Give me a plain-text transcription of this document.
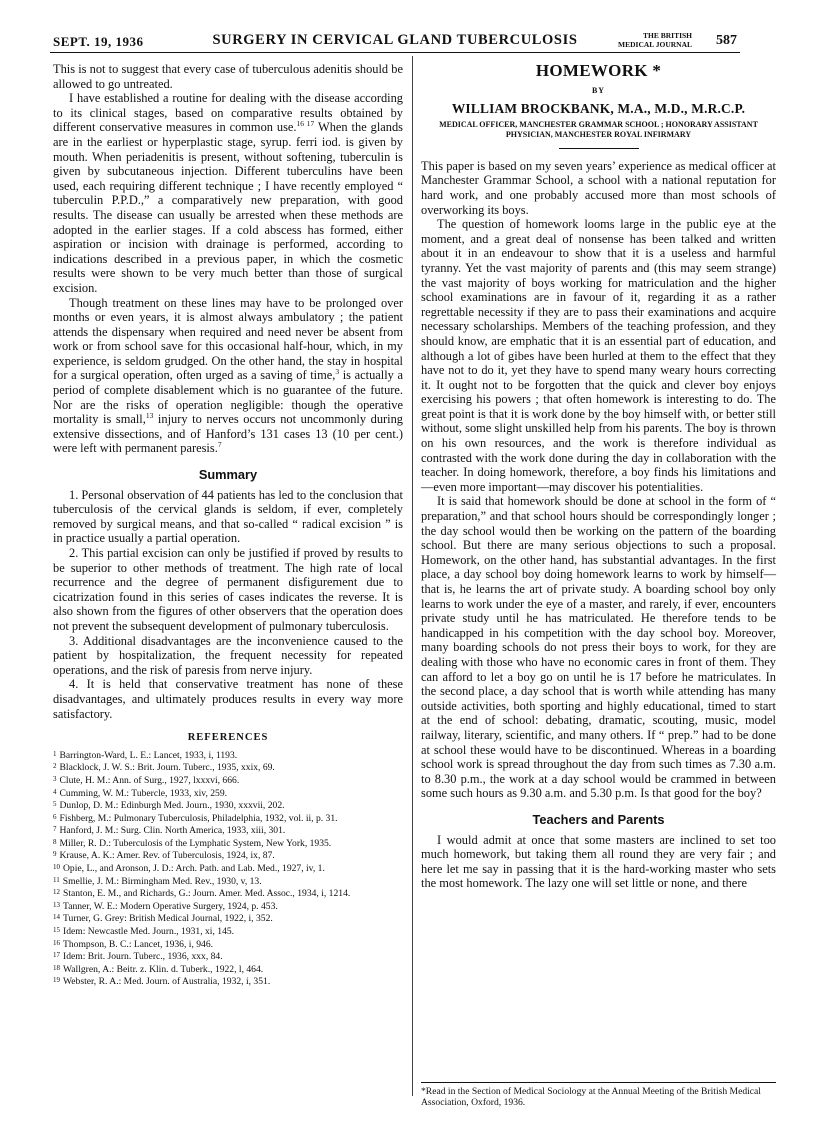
SEPT. 19, 1936	SURGERY IN CERVICAL GLAND TUBERCULOSIS	THE BRITISH
MEDICAL JOURNAL 587

This is not to suggest that every case of tuberculous adenitis should be allowed to go untreated.

I have established a routine for dealing with the disease according to its clinical stages, based on comparative results obtained by different conservative measures in common use.$^{16 17}$ When the glands are in the earliest or hyperplastic stage, syrup. ferri iod. is given by mouth. When periadenitis is present, without softening, tuberculin is given by subcutaneous injection. Different tuberculins have been used, each requiring different technique ; I have recently employed “ tuberculin P.P.D.,” a comparatively new preparation, with good results. The disease can usually be arrested when these methods are adopted in the earlier stages. If a cold abscess has formed, either aspiration or incision with drainage is performed, according to indications described in a previous paper, in which the cosmetic results were shown to be very much better than those of surgical excision.

Though treatment on these lines may have to be prolonged over months or even years, it is almost always ambulatory ; the patient attends the dispensary when required and need never be absent from work or from school save for this occasional half-hour, which, in my experience, is seldom grudged. On the other hand, the stay in hospital for a surgical operation, often urged as a saving of time,$^3$ is actually a period of complete disablement which is no guarantee of the future. Nor are the risks of operation negligible: though the operative mortality is small,$^{13}$ injury to nerves occurs not uncommonly during extensive dissections, and of Hanford’s 131 cases 13 (10 per cent.) were left with permanent paresis.$^7$

Summary

1. Personal observation of 44 patients has led to the conclusion that tuberculosis of the cervical glands is seldom, if ever, completely removed by surgical means, and that so-called “ radical excision ” is in practice usually a partial operation.

2. This partial excision can only be justified if proved by results to be superior to other methods of treatment. The high rate of local recurrence and the degree of permanent disfigurement due to cicatrization found in this series of cases indicates the reverse. It is also shown from the figures of other observers that the operation does not prevent the subsequent development of pulmonary tuberculosis.

3. Additional disadvantages are the inconvenience caused to the patient by hospitalization, the frequent necessity for repeated operations, and the risk of paresis from nerve injury.

4. It is held that conservative treatment has none of these disadvantages, and ultimately produces results in every way more satisfactory.

REFERENCES
$^1$ Barrington-Ward, L. E.: Lancet, 1933, i, 1193.
$^2$ Blacklock, J. W. S.: Brit. Journ. Tuberc., 1935, xxix, 69.
$^3$ Clute, H. M.: Ann. of Surg., 1927, lxxxvi, 666.
$^4$ Cumming, W. M.: Tubercle, 1933, xiv, 259.
$^5$ Dunlop, D. M.: Edinburgh Med. Journ., 1930, xxxvii, 202.
$^6$ Fishberg, M.: Pulmonary Tuberculosis, Philadelphia, 1932, vol. ii, p. 31.
$^7$ Hanford, J. M.: Surg. Clin. North America, 1933, xiii, 301.
$^8$ Miller, R. D.: Tuberculosis of the Lymphatic System, New York, 1935.
$^9$ Krause, A. K.: Amer. Rev. of Tuberculosis, 1924, ix, 87.
$^{10}$ Opie, L., and Aronson, J. D.: Arch. Path. and Lab. Med., 1927, iv, 1.
$^{11}$ Smellie, J. M.: Birmingham Med. Rev., 1930, v, 13.
$^{12}$ Stanton, E. M., and Richards, G.: Journ. Amer. Med. Assoc., 1934, i, 1214.
$^{13}$ Tanner, W. E.: Modern Operative Surgery, 1924, p. 453.
$^{14}$ Turner, G. Grey: British Medical Journal, 1922, i, 352.
$^{15}$ Idem: Newcastle Med. Journ., 1931, xi, 145.
$^{16}$ Thompson, B. C.: Lancet, 1936, i, 946.
$^{17}$ Idem: Brit. Journ. Tuberc., 1936, xxx, 84.
$^{18}$ Wallgren, A.: Beitr. z. Klin. d. Tuberk., 1922, l, 464.
$^{19}$ Webster, R. A.: Med. Journ. of Australia, 1932, i, 351.
HOMEWORK *
BY
WILLIAM BROCKBANK, M.A., M.D., M.R.C.P.
MEDICAL OFFICER, MANCHESTER GRAMMAR SCHOOL ; HONORARY ASSISTANT PHYSICIAN, MANCHESTER ROYAL INFIRMARY

This paper is based on my seven years’ experience as medical officer at Manchester Grammar School, a school with a national reputation for hard work, and one probably accused more than most schools of overworking its boys.

The question of homework looms large in the public eye at the moment, and a great deal of nonsense has been talked and written about it in an endeavour to show that it is a useless and harmful tyranny. Yet the vast majority of parents and (this may seem strange) the vast majority of boys working for matriculation and the higher school examinations are in favour of it, regarding it as a rather regrettable necessity if they are to pass their examinations and acquire necessary scholarships. Members of the teaching profession, and they should know, are emphatic that it is an essential part of education, and although a lot of gibes have been hurled at them to the effect that they have not to do it, yet they have to spend many weary hours correcting it. It ought not to be forgotten that the quick and clever boy enjoys exercising his powers ; that often homework is interesting to do. The great point is that it is work done by the boy himself with, or better still without, some slight unskilled help from his parents. The boy is thrown on his own resources, and the work is therefore individual as contrasted with the work done during the day in collaboration with the teacher. In doing homework, therefore, a boy finds his limitations and—even more important—may discover his potentialities.

It is said that homework should be done at school in the form of “ preparation,” and that school hours should be correspondingly longer ; the day school would then be working on the pattern of the boarding school. But there are many serious objections to such a proposal. Homework, on the other hand, has substantial advantages. In the first place, a day school boy doing homework learns to work by himself—that is, he learns the art of private study. A boarding school boy only learns to work under the eye of a master, and rarely, if ever, encounters private study until he has matriculated. He therefore tends to be handicapped in his competition with the day school boy. Moreover, many boarding schools do not press their boys to work, for they are dealing with those who have no economic cares in front of them. They can afford to let a boy go on until he is 17 before he matriculates. In the second place, a day school that is worth while attending has many outside activities, both sporting and highly educational, timed to start at the end of school: debating, dramatic, scouting, music, model railway, literary, scientific, and many others. If “ prep.” had to be done at school these would have to be discontinued. Whereas in a boarding school work is spread throughout the day from such times as 7.30 a.m. to 8.30 p.m., the work at a day school would be crammed in between some such hours as 9.30 a.m. and 5.30 p.m. Is that good for the boy?

Teachers and Parents

I would admit at once that some masters are inclined to set too much homework, but taking them all round they are very fair ; and here let me say in passing that it is the hard-working master who sets the most homework. The lazy one will set little or none, and there

*Read in the Section of Medical Sociology at the Annual Meeting of the British Medical Association, Oxford, 1936.
